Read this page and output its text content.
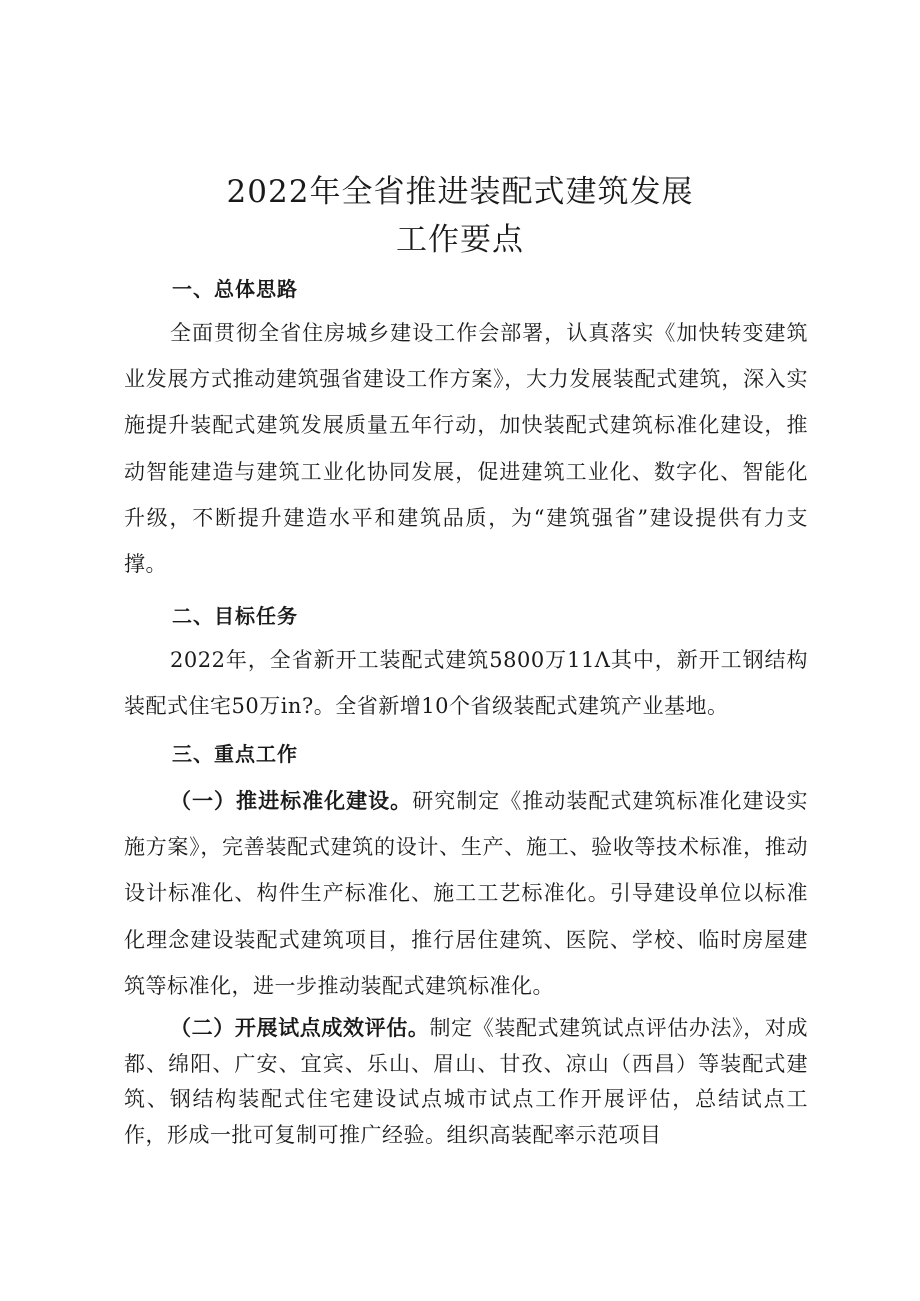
2022年全省推进装配式建筑发展
工作要点
一、总体思路

全面贯彻全省住房城乡建设工作会部署，认真落实《加快转变建筑业发展方式推动建筑强省建设工作方案》，大力发展装配式建筑，深入实施提升装配式建筑发展质量五年行动，加快装配式建筑标准化建设，推动智能建造与建筑工业化协同发展，促进建筑工业化、数字化、智能化升级，不断提升建造水平和建筑品质，为“建筑强省”建设提供有力支撑。

二、目标任务

2022年，全省新开工装配式建筑5800万11Λ其中，新开工钢结构装配式住宅50万in?。全省新增10个省级装配式建筑产业基地。

三、重点工作

（一）推进标准化建设。研究制定《推动装配式建筑标准化建设实施方案》，完善装配式建筑的设计、生产、施工、验收等技术标准，推动设计标准化、构件生产标准化、施工工艺标准化。引导建设单位以标准化理念建设装配式建筑项目，推行居住建筑、医院、学校、临时房屋建筑等标准化，进一步推动装配式建筑标准化。

（二）开展试点成效评估。制定《装配式建筑试点评估办法》，对成都、绵阳、广安、宜宾、乐山、眉山、甘孜、凉山（西昌）等装配式建筑、钢结构装配式住宅建设试点城市试点工作开展评估，总结试点工作，形成一批可复制可推广经验。组织高装配率示范项目
